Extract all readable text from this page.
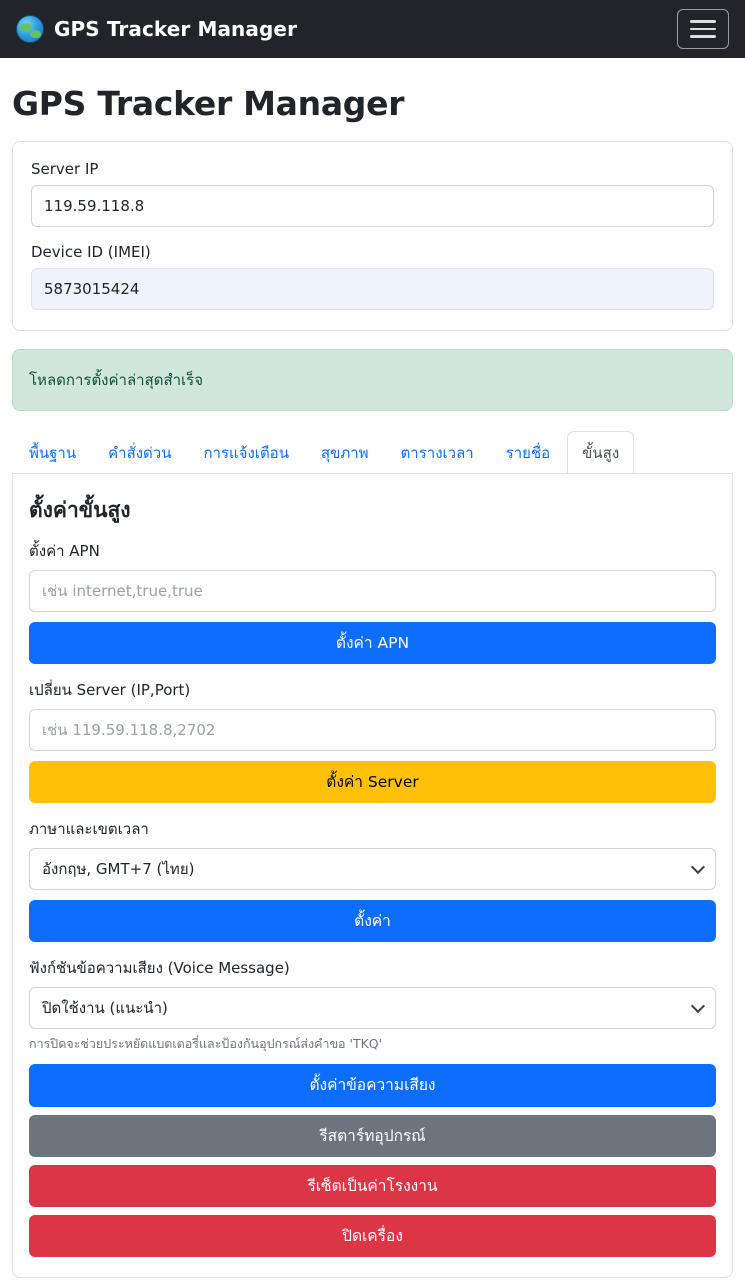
GPS Tracker Manager
GPS Tracker Manager
Server IP
119.59.118.8
Device ID (IMEI)
5873015424
โหลดการตั้งค่าล่าสุดสำเร็จ
พื้นฐาน	คำสั่งด่วน	การแจ้งเตือน	สุขภาพ	ตารางเวลา	รายชื่อ	ขั้นสูง
ตั้งค่าขั้นสูง
ตั้งค่า APN
เช่น internet,true,true
ตั้งค่า APN
เปลี่ยน Server (IP,Port)
เช่น 119.59.118.8,2702
ตั้งค่า Server
ภาษาและเขตเวลา
อังกฤษ, GMT+7 (ไทย)
ตั้งค่า
ฟังก์ชันข้อความเสียง (Voice Message)
ปิดใช้งาน (แนะนำ)
การปิดจะช่วยประหยัดแบตเตอรี่และป้องกันอุปกรณ์ส่งคำขอ 'TKQ'
ตั้งค่าข้อความเสียง
รีสตาร์ทอุปกรณ์
รีเซ็ตเป็นค่าโรงงาน
ปิดเครื่อง
